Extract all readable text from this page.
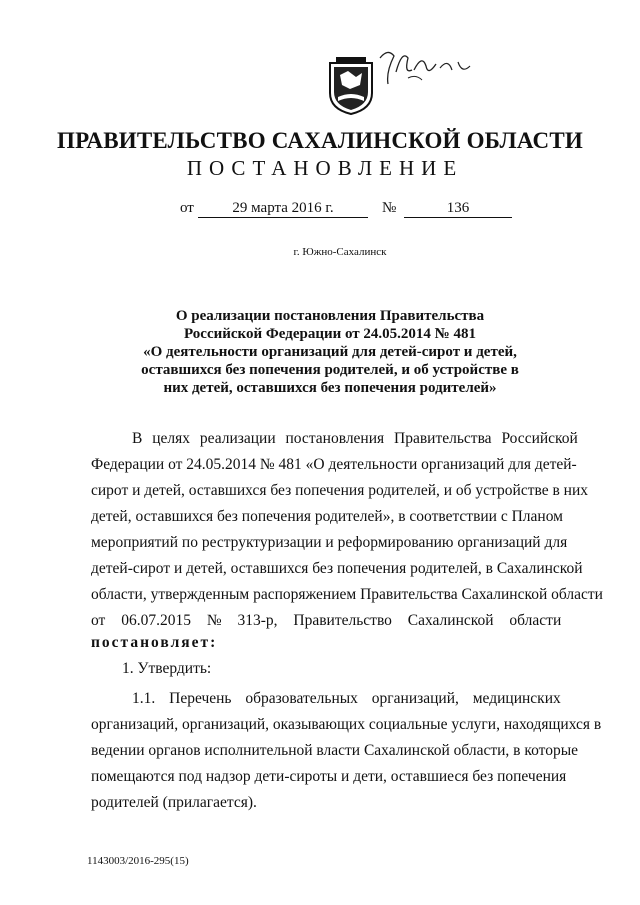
ПРАВИТЕЛЬСТВО САХАЛИНСКОЙ ОБЛАСТИ
ПОСТАНОВЛЕНИЕ
от	29 марта 2016 г.	№	136
г. Южно-Сахалинск
О реализации постановления Правительства
Российской Федерации от 24.05.2014 № 481
«О деятельности организаций для детей-сирот и детей,
оставшихся без попечения родителей, и об устройстве в
них детей, оставшихся без попечения родителей»
В целях реализации постановления Правительства Российской
Федерации от 24.05.2014 № 481 «О деятельности организаций для детей-
сирот и детей, оставшихся без попечения родителей, и об устройстве в них
детей, оставшихся без попечения родителей», в соответствии с Планом
мероприятий по реструктуризации и реформированию организаций для
детей-сирот и детей, оставшихся без попечения родителей, в Сахалинской
области, утвержденным распоряжением Правительства Сахалинской области
от 06.07.2015 № 313-р, Правительство Сахалинской области
постановляет:
1. Утвердить:
1.1. Перечень образовательных организаций, медицинских
организаций, организаций, оказывающих социальные услуги, находящихся в
ведении органов исполнительной власти Сахалинской области, в которые
помещаются под надзор дети-сироты и дети, оставшиеся без попечения
родителей (прилагается).
1143003/2016-295(15)
